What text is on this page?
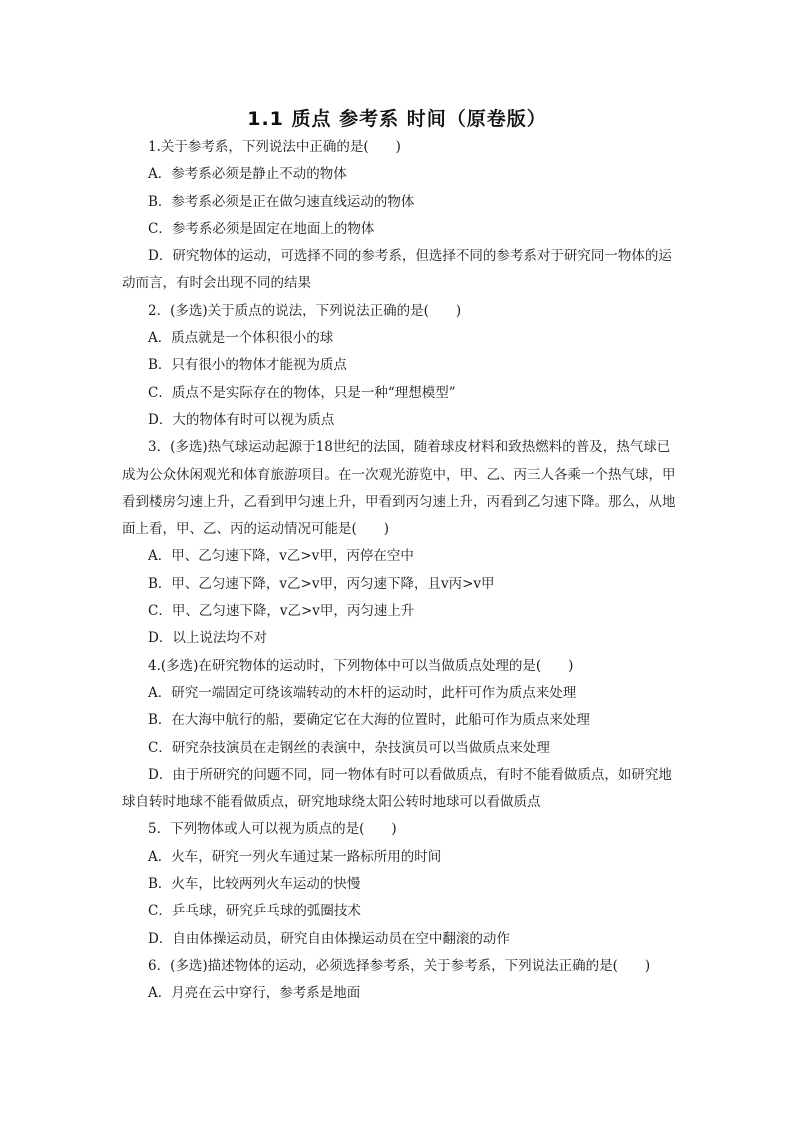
1.1 质点 参考系 时间（原卷版）

1.关于参考系，下列说法中正确的是(　　)

A．参考系必须是静止不动的物体

B．参考系必须是正在做匀速直线运动的物体

C．参考系必须是固定在地面上的物体

D．研究物体的运动，可选择不同的参考系，但选择不同的参考系对于研究同一物体的运动而言，有时会出现不同的结果

2．(多选)关于质点的说法，下列说法正确的是(　　)

A．质点就是一个体积很小的球

B．只有很小的物体才能视为质点

C．质点不是实际存在的物体，只是一种“理想模型”

D．大的物体有时可以视为质点

3．(多选)热气球运动起源于18世纪的法国，随着球皮材料和致热燃料的普及，热气球已成为公众休闲观光和体育旅游项目。在一次观光游览中，甲、乙、丙三人各乘一个热气球，甲看到楼房匀速上升，乙看到甲匀速上升，甲看到丙匀速上升，丙看到乙匀速下降。那么，从地面上看，甲、乙、丙的运动情况可能是(　　)

A．甲、乙匀速下降，v乙>v甲，丙停在空中

B．甲、乙匀速下降，v乙>v甲，丙匀速下降，且v丙>v甲

C．甲、乙匀速下降，v乙>v甲，丙匀速上升

D．以上说法均不对

4.(多选)在研究物体的运动时，下列物体中可以当做质点处理的是(　　)

A．研究一端固定可绕该端转动的木杆的运动时，此杆可作为质点来处理

B．在大海中航行的船，要确定它在大海的位置时，此船可作为质点来处理

C．研究杂技演员在走钢丝的表演中，杂技演员可以当做质点来处理

D．由于所研究的问题不同，同一物体有时可以看做质点，有时不能看做质点，如研究地球自转时地球不能看做质点，研究地球绕太阳公转时地球可以看做质点

5．下列物体或人可以视为质点的是(　　)

A．火车，研究一列火车通过某一路标所用的时间

B．火车，比较两列火车运动的快慢

C．乒乓球，研究乒乓球的弧圈技术

D．自由体操运动员，研究自由体操运动员在空中翻滚的动作

6．(多选)描述物体的运动，必须选择参考系，关于参考系，下列说法正确的是(　　)

A．月亮在云中穿行，参考系是地面
